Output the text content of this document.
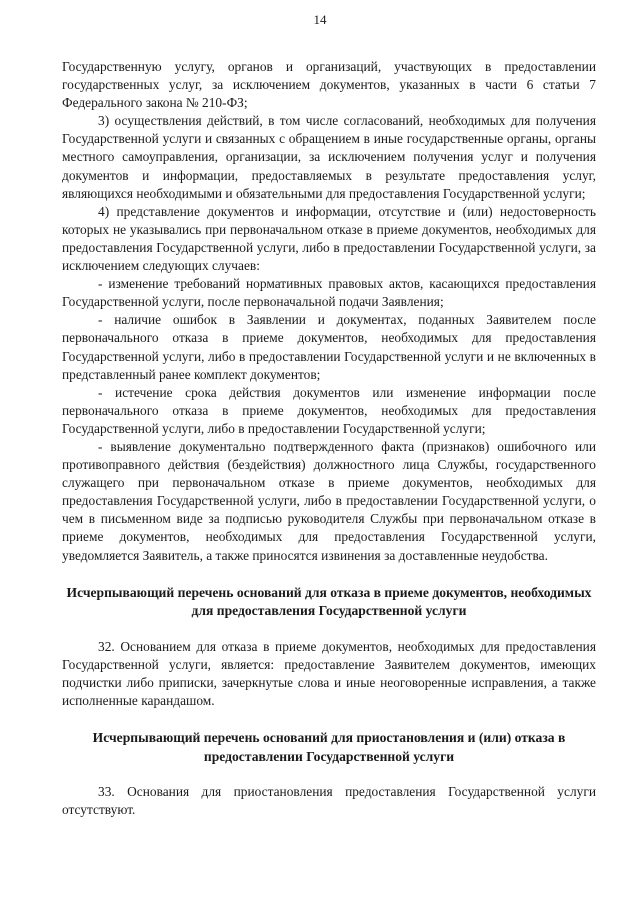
14

Государственную услугу, органов и организаций, участвующих в предоставлении государственных услуг, за исключением документов, указанных в части 6 статьи 7 Федерального закона № 210-ФЗ;

3) осуществления действий, в том числе согласований, необходимых для получения Государственной услуги и связанных с обращением в иные государственные органы, органы местного самоуправления, организации, за исключением получения услуг и получения документов и информации, предоставляемых в результате предоставления услуг, являющихся необходимыми и обязательными для предоставления Государственной услуги;

4) представление документов и информации, отсутствие и (или) недостоверность которых не указывались при первоначальном отказе в приеме документов, необходимых для предоставления Государственной услуги, либо в предоставлении Государственной услуги, за исключением следующих случаев:

- изменение требований нормативных правовых актов, касающихся предоставления Государственной услуги, после первоначальной подачи Заявления;

- наличие ошибок в Заявлении и документах, поданных Заявителем после первоначального отказа в приеме документов, необходимых для предоставления Государственной услуги, либо в предоставлении Государственной услуги и не включенных в представленный ранее комплект документов;

- истечение срока действия документов или изменение информации после первоначального отказа в приеме документов, необходимых для предоставления Государственной услуги, либо в предоставлении Государственной услуги;

- выявление документально подтвержденного факта (признаков) ошибочного или противоправного действия (бездействия) должностного лица Службы, государственного служащего при первоначальном отказе в приеме документов, необходимых для предоставления Государственной услуги, либо в предоставлении Государственной услуги, о чем в письменном виде за подписью руководителя Службы при первоначальном отказе в приеме документов, необходимых для предоставления Государственной услуги, уведомляется Заявитель, а также приносятся извинения за доставленные неудобства.

Исчерпывающий перечень оснований для отказа в приеме документов, необходимых для предоставления Государственной услуги

32. Основанием для отказа в приеме документов, необходимых для предоставления Государственной услуги, является: предоставление Заявителем документов, имеющих подчистки либо приписки, зачеркнутые слова и иные неоговоренные исправления, а также исполненные карандашом.

Исчерпывающий перечень оснований для приостановления и (или) отказа в предоставлении Государственной услуги

33. Основания для приостановления предоставления Государственной услуги отсутствуют.
